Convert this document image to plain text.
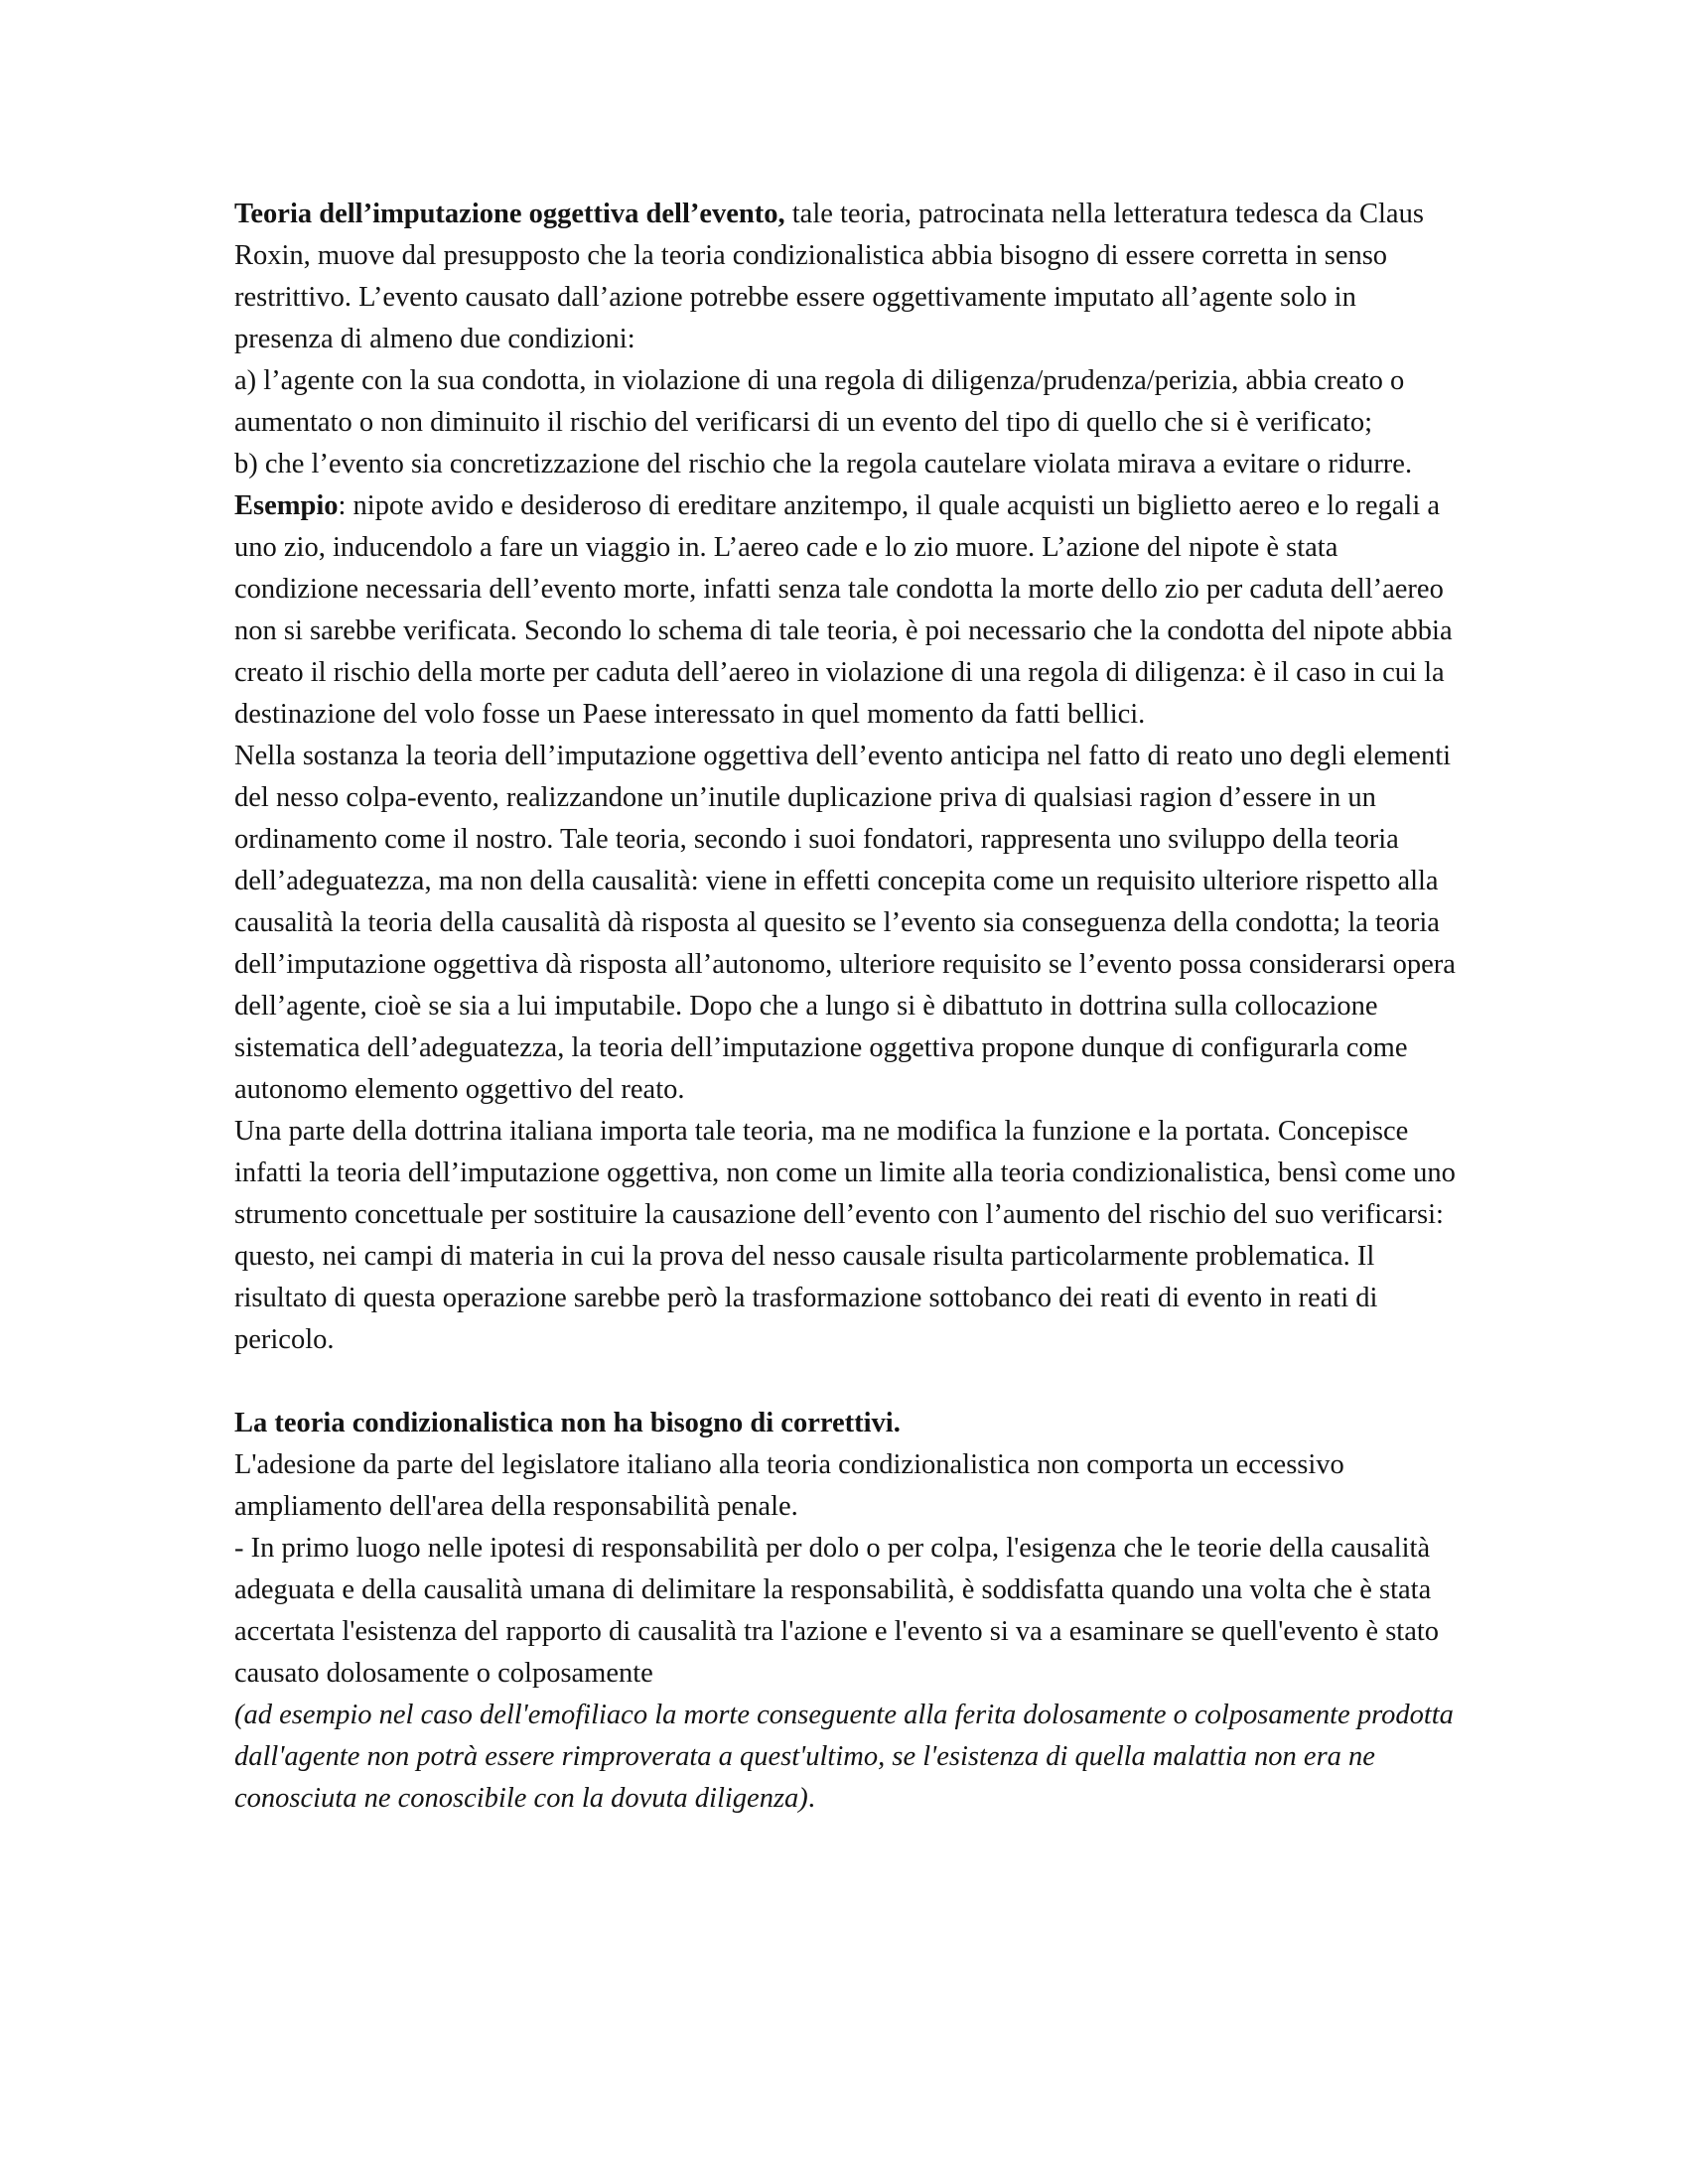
Teoria dell’imputazione oggettiva dell’evento, tale teoria, patrocinata nella letteratura tedesca da Claus Roxin, muove dal presupposto che la teoria condizionalistica abbia bisogno di essere corretta in senso restrittivo. L’evento causato dall’azione potrebbe essere oggettivamente imputato all’agente solo in presenza di almeno due condizioni:

a) l’agente con la sua condotta, in violazione di una regola di diligenza/prudenza/perizia, abbia creato o aumentato o non diminuito il rischio del verificarsi di un evento del tipo di quello che si è verificato;

b) che l’evento sia concretizzazione del rischio che la regola cautelare violata mirava a evitare o ridurre.

Esempio: nipote avido e desideroso di ereditare anzitempo, il quale acquisti un biglietto aereo e lo regali a uno zio, inducendolo a fare un viaggio in. L’aereo cade e lo zio muore. L’azione del nipote è stata condizione necessaria dell’evento morte, infatti senza tale condotta la morte dello zio per caduta dell’aereo non si sarebbe verificata. Secondo lo schema di tale teoria, è poi necessario che la condotta del nipote abbia creato il rischio della morte per caduta dell’aereo in violazione di una regola di diligenza: è il caso in cui la destinazione del volo fosse un Paese interessato in quel momento da fatti bellici.

Nella sostanza la teoria dell’imputazione oggettiva dell’evento anticipa nel fatto di reato uno degli elementi del nesso colpa-evento, realizzandone un’inutile duplicazione priva di qualsiasi ragion d’essere in un ordinamento come il nostro. Tale teoria, secondo i suoi fondatori, rappresenta uno sviluppo della teoria dell’adeguatezza, ma non della causalità: viene in effetti concepita come un requisito ulteriore rispetto alla causalità la teoria della causalità dà risposta al quesito se l’evento sia conseguenza della condotta; la teoria dell’imputazione oggettiva dà risposta all’autonomo, ulteriore requisito se l’evento possa considerarsi opera dell’agente, cioè se sia a lui imputabile. Dopo che a lungo si è dibattuto in dottrina sulla collocazione sistematica dell’adeguatezza, la teoria dell’imputazione oggettiva propone dunque di configurarla come autonomo elemento oggettivo del reato.

Una parte della dottrina italiana importa tale teoria, ma ne modifica la funzione e la portata. Concepisce infatti la teoria dell’imputazione oggettiva, non come un limite alla teoria condizionalistica, bensì come uno strumento concettuale per sostituire la causazione dell’evento con l’aumento del rischio del suo verificarsi: questo, nei campi di materia in cui la prova del nesso causale risulta particolarmente problematica. Il risultato di questa operazione sarebbe però la trasformazione sottobanco dei reati di evento in reati di pericolo.

La teoria condizionalistica non ha bisogno di correttivi.

L'adesione da parte del legislatore italiano alla teoria condizionalistica non comporta un eccessivo ampliamento dell'area della responsabilità penale.

- In primo luogo nelle ipotesi di responsabilità per dolo o per colpa, l'esigenza che le teorie della causalità adeguata e della causalità umana di delimitare la responsabilità, è soddisfatta quando una volta che è stata accertata l'esistenza del rapporto di causalità tra l'azione e l'evento si va a esaminare se quell'evento è stato causato dolosamente o colposamente

(ad esempio nel caso dell'emofiliaco la morte conseguente alla ferita dolosamente o colposamente prodotta dall'agente non potrà essere rimproverata a quest'ultimo, se l'esistenza di quella malattia non era ne conosciuta ne conoscibile con la dovuta diligenza).
